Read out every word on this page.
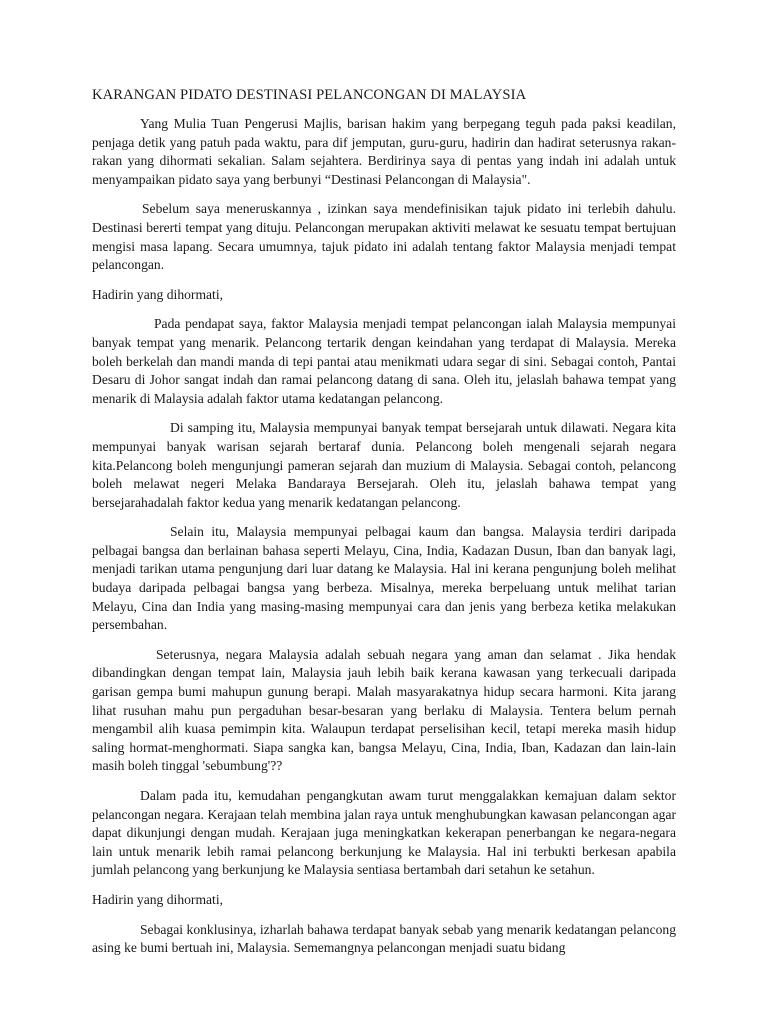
KARANGAN PIDATO DESTINASI PELANCONGAN DI MALAYSIA

Yang Mulia Tuan Pengerusi Majlis, barisan hakim yang berpegang teguh pada paksi keadilan, penjaga detik yang patuh pada waktu, para dif jemputan, guru-guru, hadirin dan hadirat seterusnya rakan-rakan yang dihormati sekalian. Salam sejahtera. Berdirinya saya di pentas yang indah ini adalah untuk menyampaikan pidato saya yang berbunyi “Destinasi Pelancongan di Malaysia".

Sebelum saya meneruskannya , izinkan saya mendefinisikan tajuk pidato ini terlebih dahulu. Destinasi bererti tempat yang dituju. Pelancongan merupakan aktiviti melawat ke sesuatu tempat bertujuan mengisi masa lapang. Secara umumnya, tajuk pidato ini adalah tentang faktor Malaysia menjadi tempat pelancongan.

Hadirin yang dihormati,

Pada pendapat saya, faktor Malaysia menjadi tempat pelancongan ialah Malaysia mempunyai banyak tempat yang menarik. Pelancong tertarik dengan keindahan yang terdapat di Malaysia. Mereka boleh berkelah dan mandi manda di tepi pantai atau menikmati udara segar di sini. Sebagai contoh, Pantai Desaru di Johor sangat indah dan ramai pelancong datang di sana. Oleh itu, jelaslah bahawa tempat yang menarik di Malaysia adalah faktor utama kedatangan pelancong.

Di samping itu, Malaysia mempunyai banyak tempat bersejarah untuk dilawati. Negara kita mempunyai banyak warisan sejarah bertaraf dunia. Pelancong boleh mengenali sejarah negara kita.Pelancong boleh mengunjungi pameran sejarah dan muzium di Malaysia. Sebagai contoh, pelancong boleh melawat negeri Melaka Bandaraya Bersejarah. Oleh itu, jelaslah bahawa tempat yang bersejarahadalah faktor kedua yang menarik kedatangan pelancong.

Selain itu, Malaysia mempunyai pelbagai kaum dan bangsa. Malaysia terdiri daripada pelbagai bangsa dan berlainan bahasa seperti Melayu, Cina, India, Kadazan Dusun, Iban dan banyak lagi, menjadi tarikan utama pengunjung dari luar datang ke Malaysia. Hal ini kerana pengunjung boleh melihat budaya daripada pelbagai bangsa yang berbeza. Misalnya, mereka berpeluang untuk melihat tarian Melayu, Cina dan India yang masing-masing mempunyai cara dan jenis yang berbeza ketika melakukan persembahan.

Seterusnya, negara Malaysia adalah sebuah negara yang aman dan selamat . Jika hendak dibandingkan dengan tempat lain, Malaysia jauh lebih baik kerana kawasan yang terkecuali daripada garisan gempa bumi mahupun gunung berapi. Malah masyarakatnya hidup secara harmoni. Kita jarang lihat rusuhan mahu pun pergaduhan besar-besaran yang berlaku di Malaysia. Tentera belum pernah mengambil alih kuasa pemimpin kita. Walaupun terdapat perselisihan kecil, tetapi mereka masih hidup saling hormat-menghormati. Siapa sangka kan, bangsa Melayu, Cina, India, Iban, Kadazan dan lain-lain masih boleh tinggal 'sebumbung'??

Dalam pada itu, kemudahan pengangkutan awam turut menggalakkan kemajuan dalam sektor pelancongan negara. Kerajaan telah membina jalan raya untuk menghubungkan kawasan pelancongan agar dapat dikunjungi dengan mudah. Kerajaan juga meningkatkan kekerapan penerbangan ke negara-negara lain untuk menarik lebih ramai pelancong berkunjung ke Malaysia. Hal ini terbukti berkesan apabila jumlah pelancong yang berkunjung ke Malaysia sentiasa bertambah dari setahun ke setahun.

Hadirin yang dihormati,

Sebagai konklusinya, izharlah bahawa terdapat banyak sebab yang menarik kedatangan pelancong asing ke bumi bertuah ini, Malaysia. Sememangnya pelancongan menjadi suatu bidang
